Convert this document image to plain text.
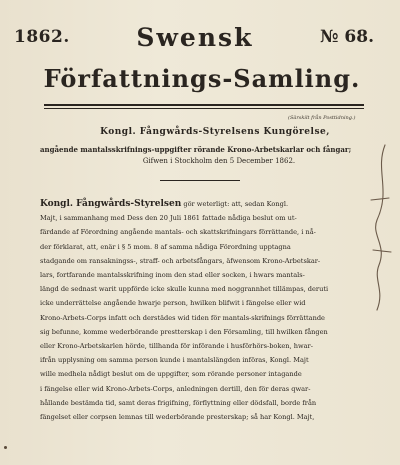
1862.	Swensk	№ 68.
Författnings-Samling.
(Särskilt från Posttidning.)
Kongl. Fångwårds-Styrelsens Kungörelse,
angående mantalsskrifnings-uppgifter rörande Krono-Arbetskarlar och fångar;
Gifwen i Stockholm den 5 December 1862.
Kongl. Fångwårds-Styrelsen gör weterligt: att, sedan Kongl.
Majt, i sammanhang med Dess den 20 Juli 1861 fattade nådiga beslut om ut-
färdande af Förordning angående mantals- och skattskrifningars förrättande, i nå-
der förklarat, att, enär i § 5 mom. 8 af samma nådiga Förordning upptagna
stadgande om ransakningss-, straff- och arbetsfångars, äfwensom Krono-Arbetskar-
lars, fortfarande mantalsskrifning inom den stad eller socken, i hwars mantals-
längd de sednast warit uppförde icke skulle kunna med noggrannhet tillämpas, deruti
icke underrättelse angående hwarje person, hwilken blifwit i fängelse eller wid
Krono-Arbets-Corps infatt och derstädes wid tiden för mantals-skrifnings förrättande
sig befunne, komme wederbörande prestterskap i den Församling, till hwilken fången
eller Krono-Arbetskarlen hörde, tillhanda för införande i husförhörs-boken, hwar-
ifrån upplysning om samma person kunde i mantalslängden införas, Kongl. Majt
wille medhela nådigt beslut om de uppgifter, som rörande personer intagande
i fängelse eller wid Krono-Arbets-Corps, anledningen dertill, den för deras qwar-
hållande bestämda tid, samt deras frigifning, förflyttning eller dödsfall, borde från
fängelset eller corpsen lemnas till wederbörande presterskap; så har Kongl. Majt,
